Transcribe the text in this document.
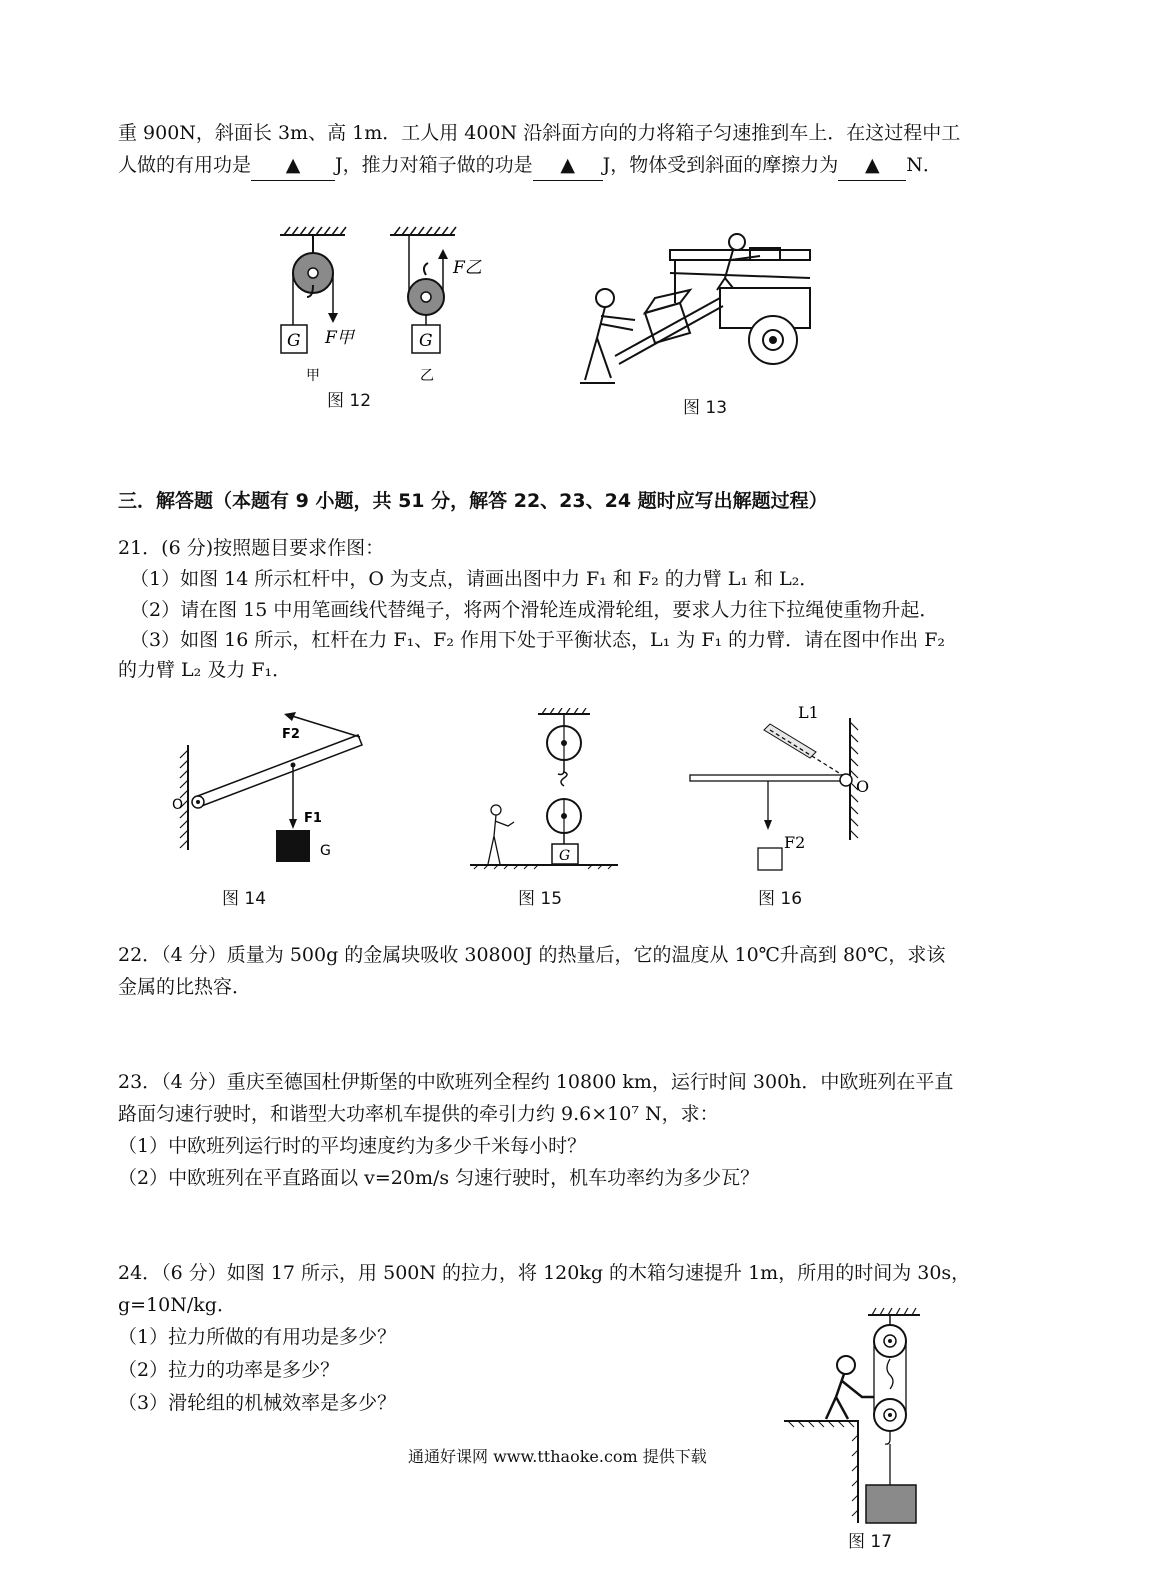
重 900N，斜面长 3m、高 1m．工人用 400N 沿斜面方向的力将箱子匀速推到车上．在这过程中工
人做的有用功是 ▲ J，推力对箱子做的功是 ▲ J，物体受到斜面的摩擦力为 ▲ N．
G F甲
甲
G
F乙
乙
图 12	图 13
三．解答题（本题有 9 小题，共 51 分，解答 22、23、24 题时应写出解题过程）
21．(6 分)按照题目要求作图：
（1）如图 14 所示杠杆中，O 为支点，请画出图中力 F₁ 和 F₂ 的力臂 L₁ 和 L₂．
（2）请在图 15 中用笔画线代替绳子，将两个滑轮连成滑轮组，要求人力往下拉绳使重物升起．
（3）如图 16 所示，杠杆在力 F₁、F₂ 作用下处于平衡状态，L₁ 为 F₁ 的力臂．请在图中作出 F₂
的力臂 L₂ 及力 F₁．
O
F2
F1
G
图 14
G
图 15
L1
O
F2
图 16
22．（4 分）质量为 500g 的金属块吸收 30800J 的热量后，它的温度从 10℃升高到 80℃，求该
金属的比热容．
23．（4 分）重庆至德国杜伊斯堡的中欧班列全程约 10800 km，运行时间 300h．中欧班列在平直
路面匀速行驶时，和谐型大功率机车提供的牵引力约 9.6×10⁷ N，求：
（1）中欧班列运行时的平均速度约为多少千米每小时？
（2）中欧班列在平直路面以 v=20m/s 匀速行驶时，机车功率约为多少瓦？
24．（6 分）如图 17 所示，用 500N 的拉力，将 120kg 的木箱匀速提升 1m，所用的时间为 30s，
g=10N/kg．
（1）拉力所做的有用功是多少？
（2）拉力的功率是多少？
（3）滑轮组的机械效率是多少？
图 17
通通好课网 www.tthaoke.com 提供下载
